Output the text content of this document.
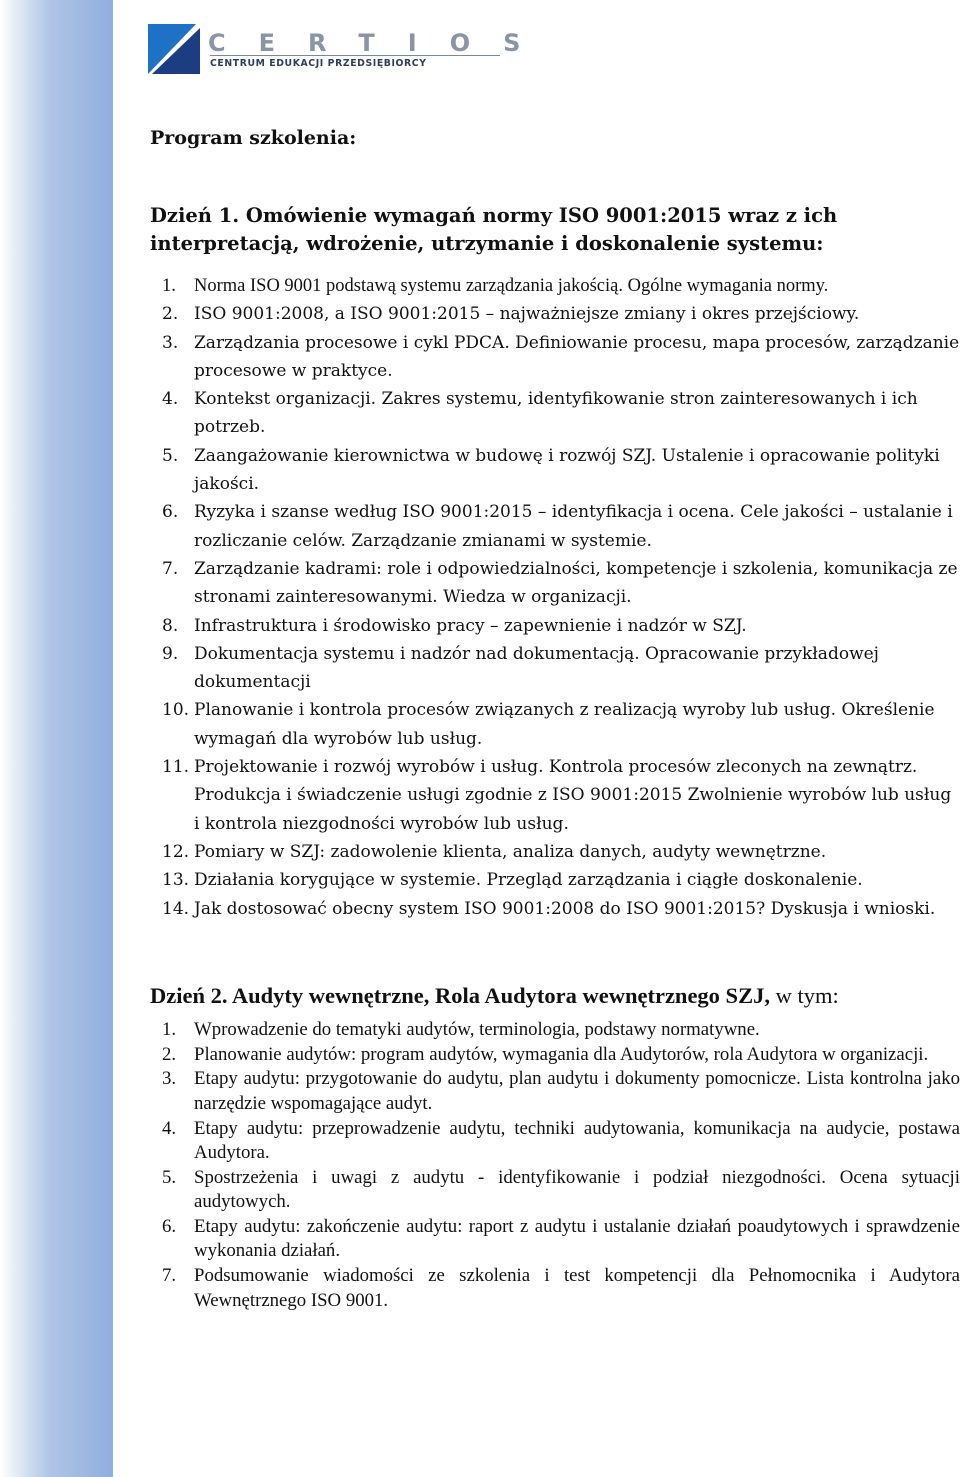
CERTIOS
CENTRUM EDUKACJI PRZEDSIĘBIORCY
Program szkolenia:
Dzień 1. Omówienie wymagań normy ISO 9001:2015 wraz z ich interpretacją, wdrożenie, utrzymanie i doskonalenie systemu:
1. Norma ISO 9001 podstawą systemu zarządzania jakością. Ogólne wymagania normy.
2. ISO 9001:2008, a ISO 9001:2015 – najważniejsze zmiany i okres przejściowy.
3. Zarządzania procesowe i cykl PDCA. Definiowanie procesu, mapa procesów, zarządzanie procesowe w praktyce.
4. Kontekst organizacji. Zakres systemu, identyfikowanie stron zainteresowanych i ich potrzeb.
5. Zaangażowanie kierownictwa w budowę i rozwój SZJ. Ustalenie i opracowanie polityki jakości.
6. Ryzyka i szanse według ISO 9001:2015 – identyfikacja i ocena. Cele jakości – ustalanie i rozliczanie celów. Zarządzanie zmianami w systemie.
7. Zarządzanie kadrami: role i odpowiedzialności, kompetencje i szkolenia, komunikacja ze stronami zainteresowanymi. Wiedza w organizacji.
8. Infrastruktura i środowisko pracy – zapewnienie i nadzór w SZJ.
9. Dokumentacja systemu i nadzór nad dokumentacją. Opracowanie przykładowej dokumentacji
10. Planowanie i kontrola procesów związanych z realizacją wyroby lub usług. Określenie wymagań dla wyrobów lub usług.
11. Projektowanie i rozwój wyrobów i usług. Kontrola procesów zleconych na zewnątrz. Produkcja i świadczenie usługi zgodnie z ISO 9001:2015 Zwolnienie wyrobów lub usług i kontrola niezgodności wyrobów lub usług.
12. Pomiary w SZJ: zadowolenie klienta, analiza danych, audyty wewnętrzne.
13. Działania korygujące w systemie. Przegląd zarządzania i ciągłe doskonalenie.
14. Jak dostosować obecny system ISO 9001:2008 do ISO 9001:2015? Dyskusja i wnioski.
Dzień 2. Audyty wewnętrzne, Rola Audytora wewnętrznego SZJ, w tym:
1. Wprowadzenie do tematyki audytów, terminologia, podstawy normatywne.
2. Planowanie audytów: program audytów, wymagania dla Audytorów, rola Audytora w organizacji.
3. Etapy audytu: przygotowanie do audytu, plan audytu i dokumenty pomocnicze. Lista kontrolna jako narzędzie wspomagające audyt.
4. Etapy audytu: przeprowadzenie audytu, techniki audytowania, komunikacja na audycie, postawa Audytora.
5. Spostrzeżenia i uwagi z audytu - identyfikowanie i podział niezgodności. Ocena sytuacji audytowych.
6. Etapy audytu: zakończenie audytu: raport z audytu i ustalanie działań poaudytowych i sprawdzenie wykonania działań.
7. Podsumowanie wiadomości ze szkolenia i test kompetencji dla Pełnomocnika i Audytora Wewnętrznego ISO 9001.
